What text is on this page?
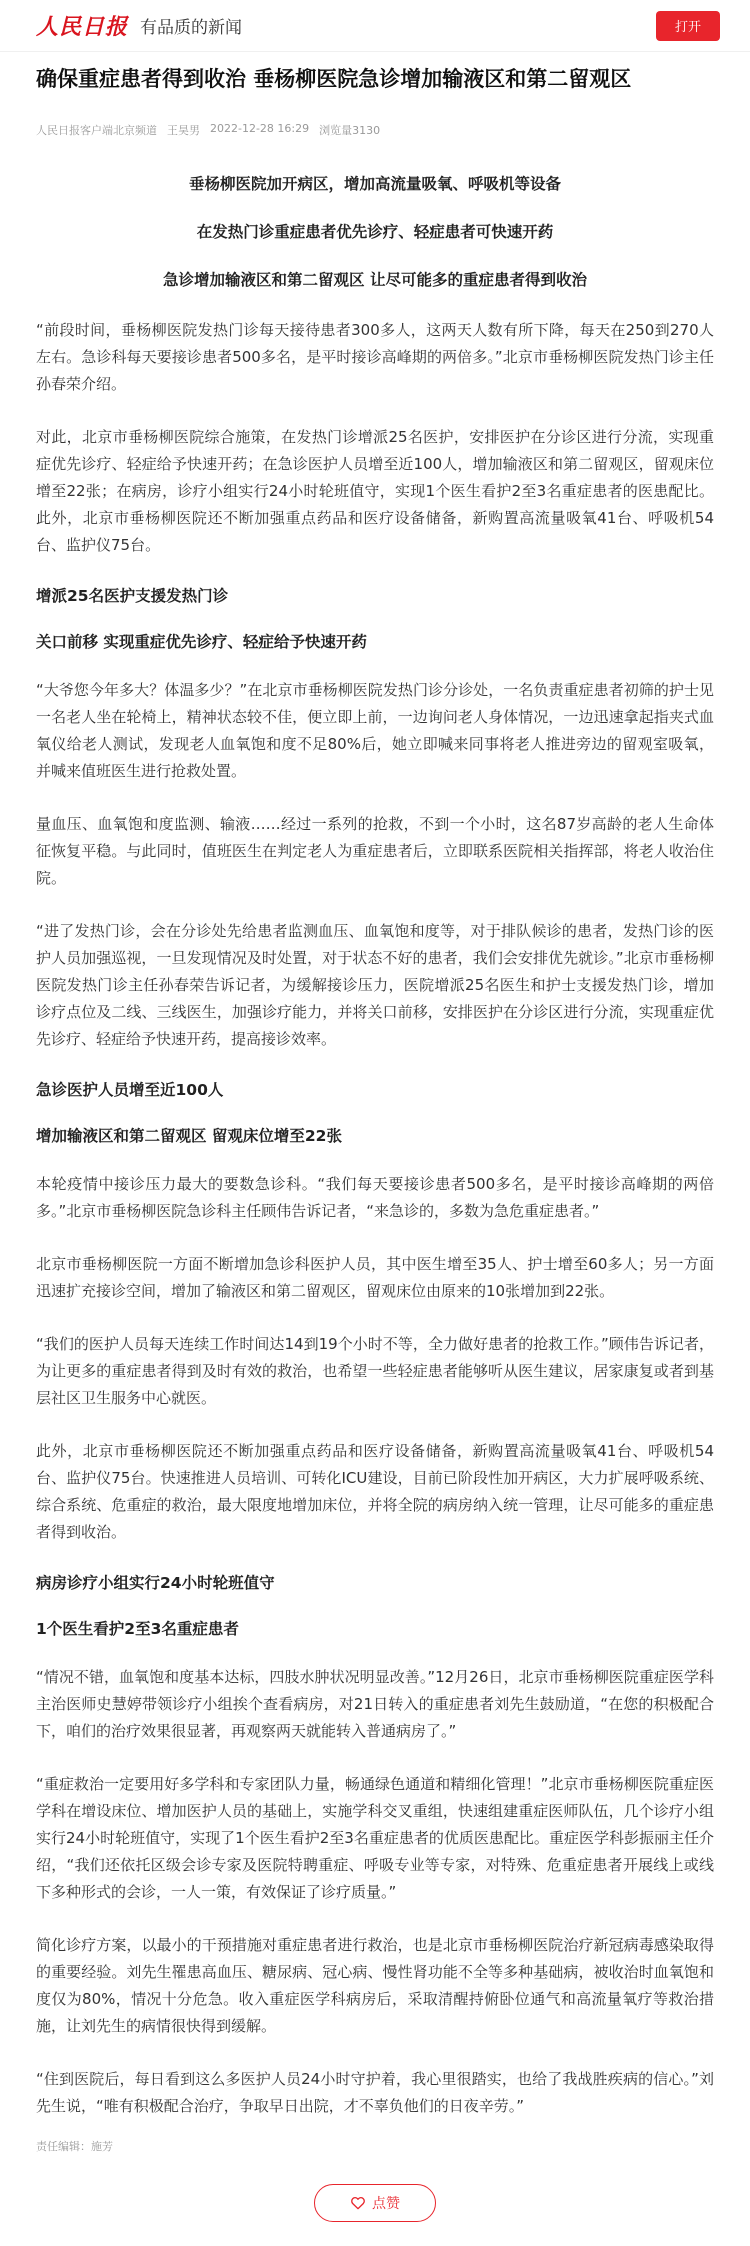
人民日报 有品质的新闻	打开
确保重症患者得到收治 垂杨柳医院急诊增加输液区和第二留观区
人民日报客户端北京频道 王昊男 2022-12-28 16:29 浏览量3130

垂杨柳医院加开病区，增加高流量吸氧、呼吸机等设备

在发热门诊重症患者优先诊疗、轻症患者可快速开药

急诊增加输液区和第二留观区 让尽可能多的重症患者得到收治

“前段时间，垂杨柳医院发热门诊每天接待患者300多人，这两天人数有所下降，每天在250到270人左右。急诊科每天要接诊患者500多名，是平时接诊高峰期的两倍多。”北京市垂杨柳医院发热门诊主任孙春荣介绍。

对此，北京市垂杨柳医院综合施策，在发热门诊增派25名医护，安排医护在分诊区进行分流，实现重症优先诊疗、轻症给予快速开药；在急诊医护人员增至近100人，增加输液区和第二留观区，留观床位增至22张；在病房，诊疗小组实行24小时轮班值守，实现1个医生看护2至3名重症患者的医患配比。此外，北京市垂杨柳医院还不断加强重点药品和医疗设备储备，新购置高流量吸氧41台、呼吸机54台、监护仪75台。

增派25名医护支援发热门诊

关口前移 实现重症优先诊疗、轻症给予快速开药

“大爷您今年多大？体温多少？”在北京市垂杨柳医院发热门诊分诊处，一名负责重症患者初筛的护士见一名老人坐在轮椅上，精神状态较不佳，便立即上前，一边询问老人身体情况，一边迅速拿起指夹式血氧仪给老人测试，发现老人血氧饱和度不足80%后，她立即喊来同事将老人推进旁边的留观室吸氧，并喊来值班医生进行抢救处置。

量血压、血氧饱和度监测、输液……经过一系列的抢救，不到一个小时，这名87岁高龄的老人生命体征恢复平稳。与此同时，值班医生在判定老人为重症患者后，立即联系医院相关指挥部，将老人收治住院。

“进了发热门诊，会在分诊处先给患者监测血压、血氧饱和度等，对于排队候诊的患者，发热门诊的医护人员加强巡视，一旦发现情况及时处置，对于状态不好的患者，我们会安排优先就诊。”北京市垂杨柳医院发热门诊主任孙春荣告诉记者，为缓解接诊压力，医院增派25名医生和护士支援发热门诊，增加诊疗点位及二线、三线医生，加强诊疗能力，并将关口前移，安排医护在分诊区进行分流，实现重症优先诊疗、轻症给予快速开药，提高接诊效率。

急诊医护人员增至近100人

增加输液区和第二留观区 留观床位增至22张

本轮疫情中接诊压力最大的要数急诊科。“我们每天要接诊患者500多名，是平时接诊高峰期的两倍多。”北京市垂杨柳医院急诊科主任顾伟告诉记者，“来急诊的，多数为急危重症患者。”

北京市垂杨柳医院一方面不断增加急诊科医护人员，其中医生增至35人、护士增至60多人；另一方面迅速扩充接诊空间，增加了输液区和第二留观区，留观床位由原来的10张增加到22张。

“我们的医护人员每天连续工作时间达14到19个小时不等，全力做好患者的抢救工作。”顾伟告诉记者，为让更多的重症患者得到及时有效的救治，也希望一些轻症患者能够听从医生建议，居家康复或者到基层社区卫生服务中心就医。

此外，北京市垂杨柳医院还不断加强重点药品和医疗设备储备，新购置高流量吸氧41台、呼吸机54台、监护仪75台。快速推进人员培训、可转化ICU建设，目前已阶段性加开病区，大力扩展呼吸系统、综合系统、危重症的救治，最大限度地增加床位，并将全院的病房纳入统一管理，让尽可能多的重症患者得到收治。

病房诊疗小组实行24小时轮班值守

1个医生看护2至3名重症患者

“情况不错，血氧饱和度基本达标，四肢水肿状况明显改善。”12月26日，北京市垂杨柳医院重症医学科主治医师史慧婷带领诊疗小组挨个查看病房，对21日转入的重症患者刘先生鼓励道，“在您的积极配合下，咱们的治疗效果很显著，再观察两天就能转入普通病房了。”

“重症救治一定要用好多学科和专家团队力量，畅通绿色通道和精细化管理！”北京市垂杨柳医院重症医学科在增设床位、增加医护人员的基础上，实施学科交叉重组，快速组建重症医师队伍，几个诊疗小组实行24小时轮班值守，实现了1个医生看护2至3名重症患者的优质医患配比。重症医学科彭振丽主任介绍，“我们还依托区级会诊专家及医院特聘重症、呼吸专业等专家，对特殊、危重症患者开展线上或线下多种形式的会诊，一人一策，有效保证了诊疗质量。”

简化诊疗方案，以最小的干预措施对重症患者进行救治，也是北京市垂杨柳医院治疗新冠病毒感染取得的重要经验。刘先生罹患高血压、糖尿病、冠心病、慢性肾功能不全等多种基础病，被收治时血氧饱和度仅为80%，情况十分危急。收入重症医学科病房后，采取清醒持俯卧位通气和高流量氧疗等救治措施，让刘先生的病情很快得到缓解。

“住到医院后，每日看到这么多医护人员24小时守护着，我心里很踏实，也给了我战胜疾病的信心。”刘先生说，“唯有积极配合治疗，争取早日出院，才不辜负他们的日夜辛劳。”

责任编辑：施芳
点赞
